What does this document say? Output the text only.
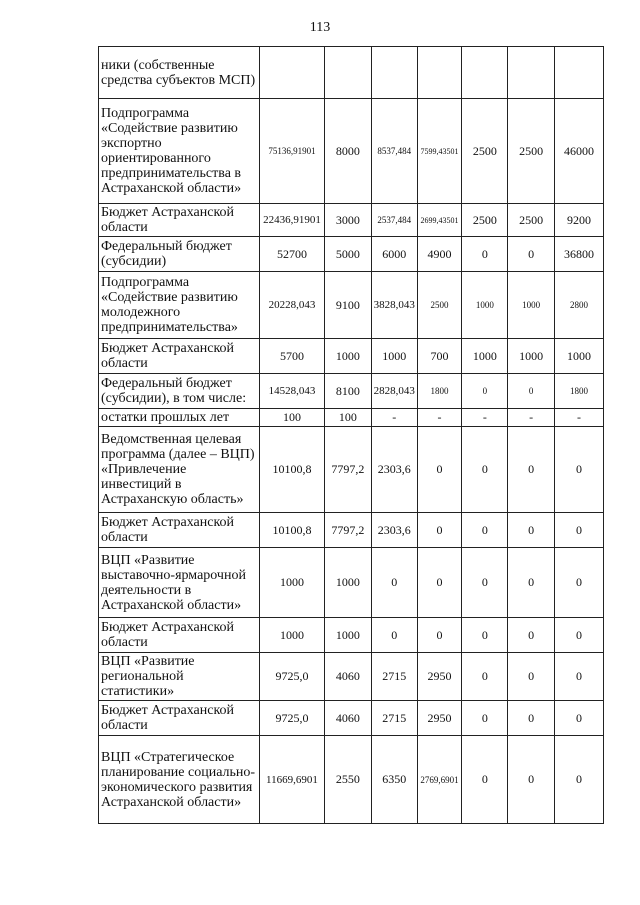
113
ники (собственные средства субъектов МСП)							
Подпрограмма «Содействие развитию экспортно ориентированного предпринимательства в Астраханской области»	75136,91901	8000	8537,484	7599,43501	2500	2500	46000
Бюджет Астраханской области	22436,91901	3000	2537,484	2699,43501	2500	2500	9200
Федеральный бюджет (субсидии)	52700	5000	6000	4900	0	0	36800
Подпрограмма «Содействие развитию молодежного предпринимательства»	20228,043	9100	3828,043	2500	1000	1000	2800
Бюджет Астраханской области	5700	1000	1000	700	1000	1000	1000
Федеральный бюджет (субсидии), в том числе:	14528,043	8100	2828,043	1800	0	0	1800
остатки прошлых лет	100	100	-	-	-	-	-
Ведомственная целевая программа (далее – ВЦП) «Привлечение инвестиций в Астраханскую область»	10100,8	7797,2	2303,6	0	0	0	0
Бюджет Астраханской области	10100,8	7797,2	2303,6	0	0	0	0
ВЦП «Развитие выставочно-ярмарочной деятельности в Астраханской области»	1000	1000	0	0	0	0	0
Бюджет Астраханской области	1000	1000	0	0	0	0	0
ВЦП «Развитие региональной статистики»	9725,0	4060	2715	2950	0	0	0
Бюджет Астраханской области	9725,0	4060	2715	2950	0	0	0
ВЦП «Стратегическое планирование социально-экономического развития Астраханской области»	11669,6901	2550	6350	2769,6901	0	0	0
